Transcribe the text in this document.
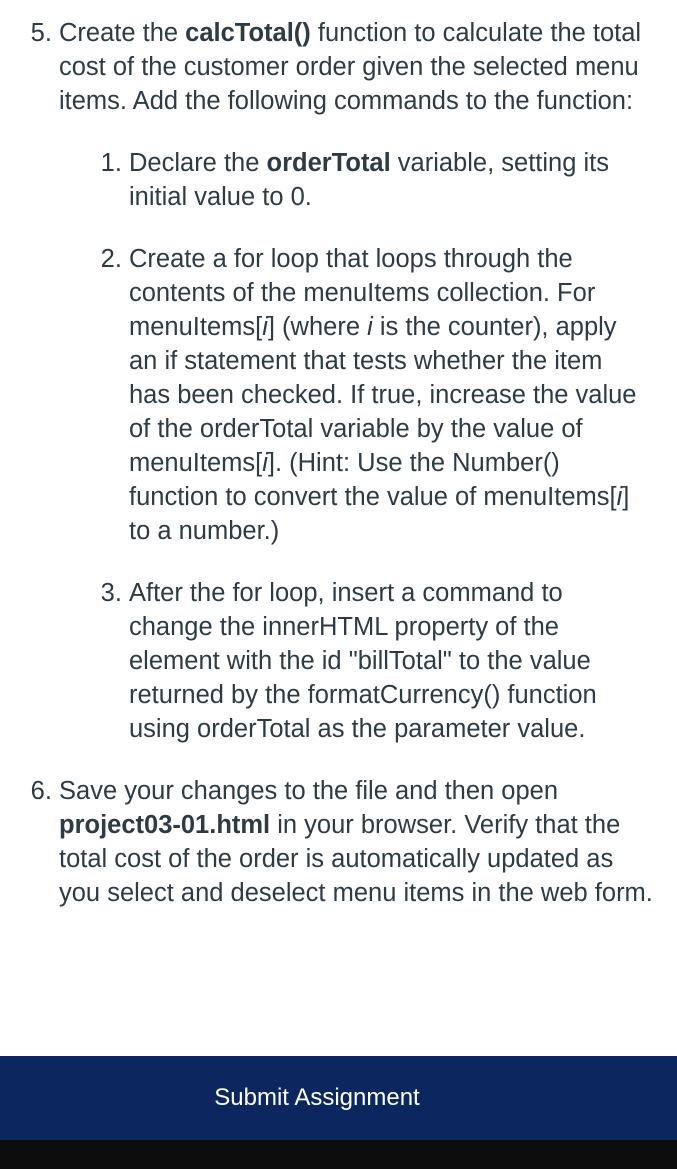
5. Create the calcTotal() function to calculate the total cost of the customer order given the selected menu items. Add the following commands to the function:
1. Declare the orderTotal variable, setting its initial value to 0.
2. Create a for loop that loops through the contents of the menuItems collection. For menuItems[i] (where i is the counter), apply an if statement that tests whether the item has been checked. If true, increase the value of the orderTotal variable by the value of menuItems[i]. (Hint: Use the Number() function to convert the value of menuItems[i] to a number.)
3. After the for loop, insert a command to change the innerHTML property of the element with the id "billTotal" to the value returned by the formatCurrency() function using orderTotal as the parameter value.
6. Save your changes to the file and then open project03-01.html in your browser. Verify that the total cost of the order is automatically updated as you select and deselect menu items in the web form.
Submit Assignment
